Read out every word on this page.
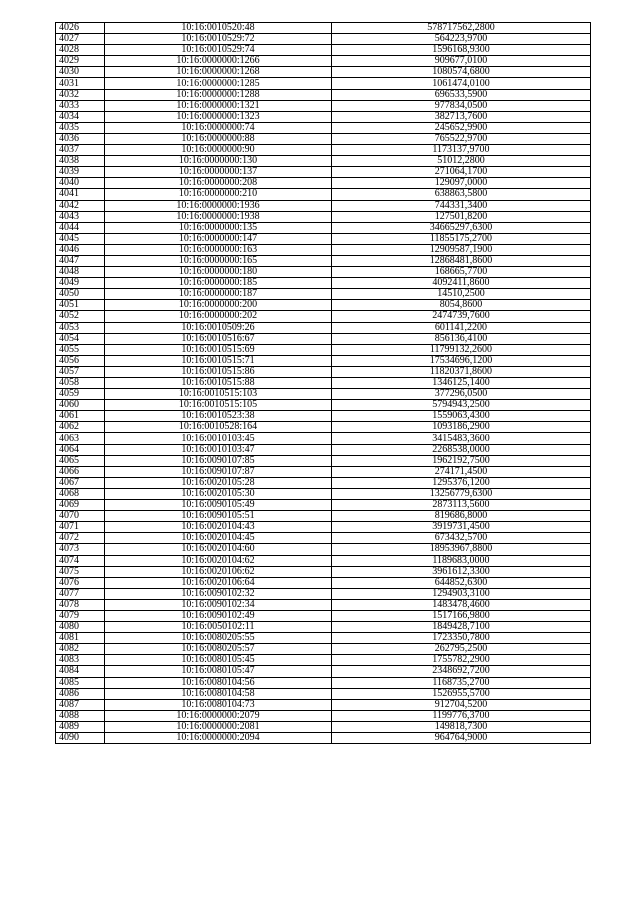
4026	10:16:0010520:48	578717562,2800
4027	10:16:0010529:72	564223,9700
4028	10:16:0010529:74	1596168,9300
4029	10:16:0000000:1266	909677,0100
4030	10:16:0000000:1268	1080574,6800
4031	10:16:0000000:1285	1061474,0100
4032	10:16:0000000:1288	696533,5900
4033	10:16:0000000:1321	977834,0500
4034	10:16:0000000:1323	382713,7600
4035	10:16:0000000:74	245652,9900
4036	10:16:0000000:88	765522,9700
4037	10:16:0000000:90	1173137,9700
4038	10:16:0000000:130	51012,2800
4039	10:16:0000000:137	271064,1700
4040	10:16:0000000:208	129097,0000
4041	10:16:0000000:210	638863,5800
4042	10:16:0000000:1936	744331,3400
4043	10:16:0000000:1938	127501,8200
4044	10:16:0000000:135	34665297,6300
4045	10:16:0000000:147	11855175,2700
4046	10:16:0000000:163	12909587,1900
4047	10:16:0000000:165	12868481,8600
4048	10:16:0000000:180	168665,7700
4049	10:16:0000000:185	4092411,8600
4050	10:16:0000000:187	14510,2500
4051	10:16:0000000:200	8054,8600
4052	10:16:0000000:202	2474739,7600
4053	10:16:0010509:26	601141,2200
4054	10:16:0010516:67	856136,4100
4055	10:16:0010515:69	11799132,2600
4056	10:16:0010515:71	17534696,1200
4057	10:16:0010515:86	11820371,8600
4058	10:16:0010515:88	1346125,1400
4059	10:16:0010515:103	377296,0500
4060	10:16:0010515:105	5794943,2500
4061	10:16:0010523:38	1559063,4300
4062	10:16:0010528:164	1093186,2900
4063	10:16:0010103:45	3415483,3600
4064	10:16:0010103:47	2268538,0000
4065	10:16:0090107:85	1962192,7500
4066	10:16:0090107:87	274171,4500
4067	10:16:0020105:28	1295376,1200
4068	10:16:0020105:30	13256779,6300
4069	10:16:0090105:49	2873113,5600
4070	10:16:0090105:51	819686,8000
4071	10:16:0020104:43	3919731,4500
4072	10:16:0020104:45	673432,5700
4073	10:16:0020104:60	18953967,8800
4074	10:16:0020104:62	1189683,0000
4075	10:16:0020106:62	3961612,3300
4076	10:16:0020106:64	644852,6300
4077	10:16:0090102:32	1294903,3100
4078	10:16:0090102:34	1483478,4600
4079	10:16:0090102:49	1517166,9800
4080	10:16:0050102:11	1849428,7100
4081	10:16:0080205:55	1723350,7800
4082	10:16:0080205:57	262795,2500
4083	10:16:0080105:45	1755782,2900
4084	10:16:0080105:47	2348692,7200
4085	10:16:0080104:56	1168735,2700
4086	10:16:0080104:58	1526955,5700
4087	10:16:0080104:73	912704,5200
4088	10:16:0000000:2079	1199776,3700
4089	10:16:0000000:2081	149818,7300
4090	10:16:0000000:2094	964764,9000
